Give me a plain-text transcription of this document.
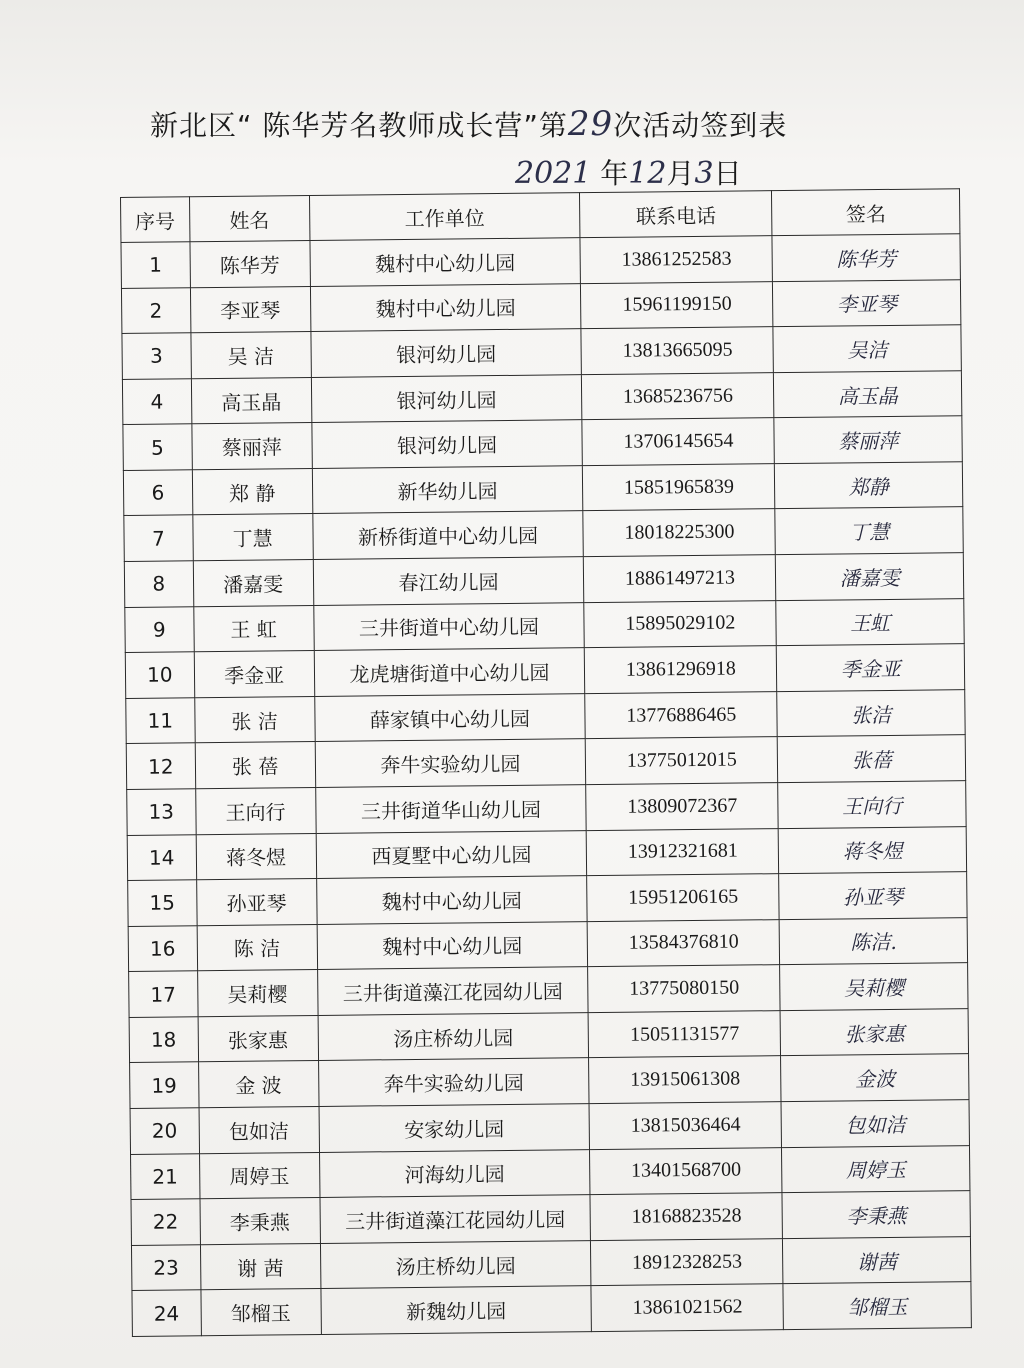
新北区“ 陈华芳名教师成长营”第29次活动签到表
2021 年12月3日
序号	姓名	工作单位	联系电话	签名
1	陈华芳	魏村中心幼儿园	13861252583	陈华芳
2	李亚琴	魏村中心幼儿园	15961199150	李亚琴
3	吴 洁	银河幼儿园	13813665095	吴洁
4	高玉晶	银河幼儿园	13685236756	高玉晶
5	蔡丽萍	银河幼儿园	13706145654	蔡丽萍
6	郑 静	新华幼儿园	15851965839	郑静
7	丁慧	新桥街道中心幼儿园	18018225300	丁慧
8	潘嘉雯	春江幼儿园	18861497213	潘嘉雯
9	王 虹	三井街道中心幼儿园	15895029102	王虹
10	季金亚	龙虎塘街道中心幼儿园	13861296918	季金亚
11	张 洁	薛家镇中心幼儿园	13776886465	张洁
12	张 蓓	奔牛实验幼儿园	13775012015	张蓓
13	王向行	三井街道华山幼儿园	13809072367	王向行
14	蒋冬煜	西夏墅中心幼儿园	13912321681	蒋冬煜
15	孙亚琴	魏村中心幼儿园	15951206165	孙亚琴
16	陈 洁	魏村中心幼儿园	13584376810	陈洁.
17	吴莉樱	三井街道藻江花园幼儿园	13775080150	吴莉樱
18	张家惠	汤庄桥幼儿园	15051131577	张家惠
19	金 波	奔牛实验幼儿园	13915061308	金波
20	包如洁	安家幼儿园	13815036464	包如洁
21	周婷玉	河海幼儿园	13401568700	周婷玉
22	李秉燕	三井街道藻江花园幼儿园	18168823528	李秉燕
23	谢 茜	汤庄桥幼儿园	18912328253	谢茜
24	邹榴玉	新魏幼儿园	13861021562	邹榴玉
